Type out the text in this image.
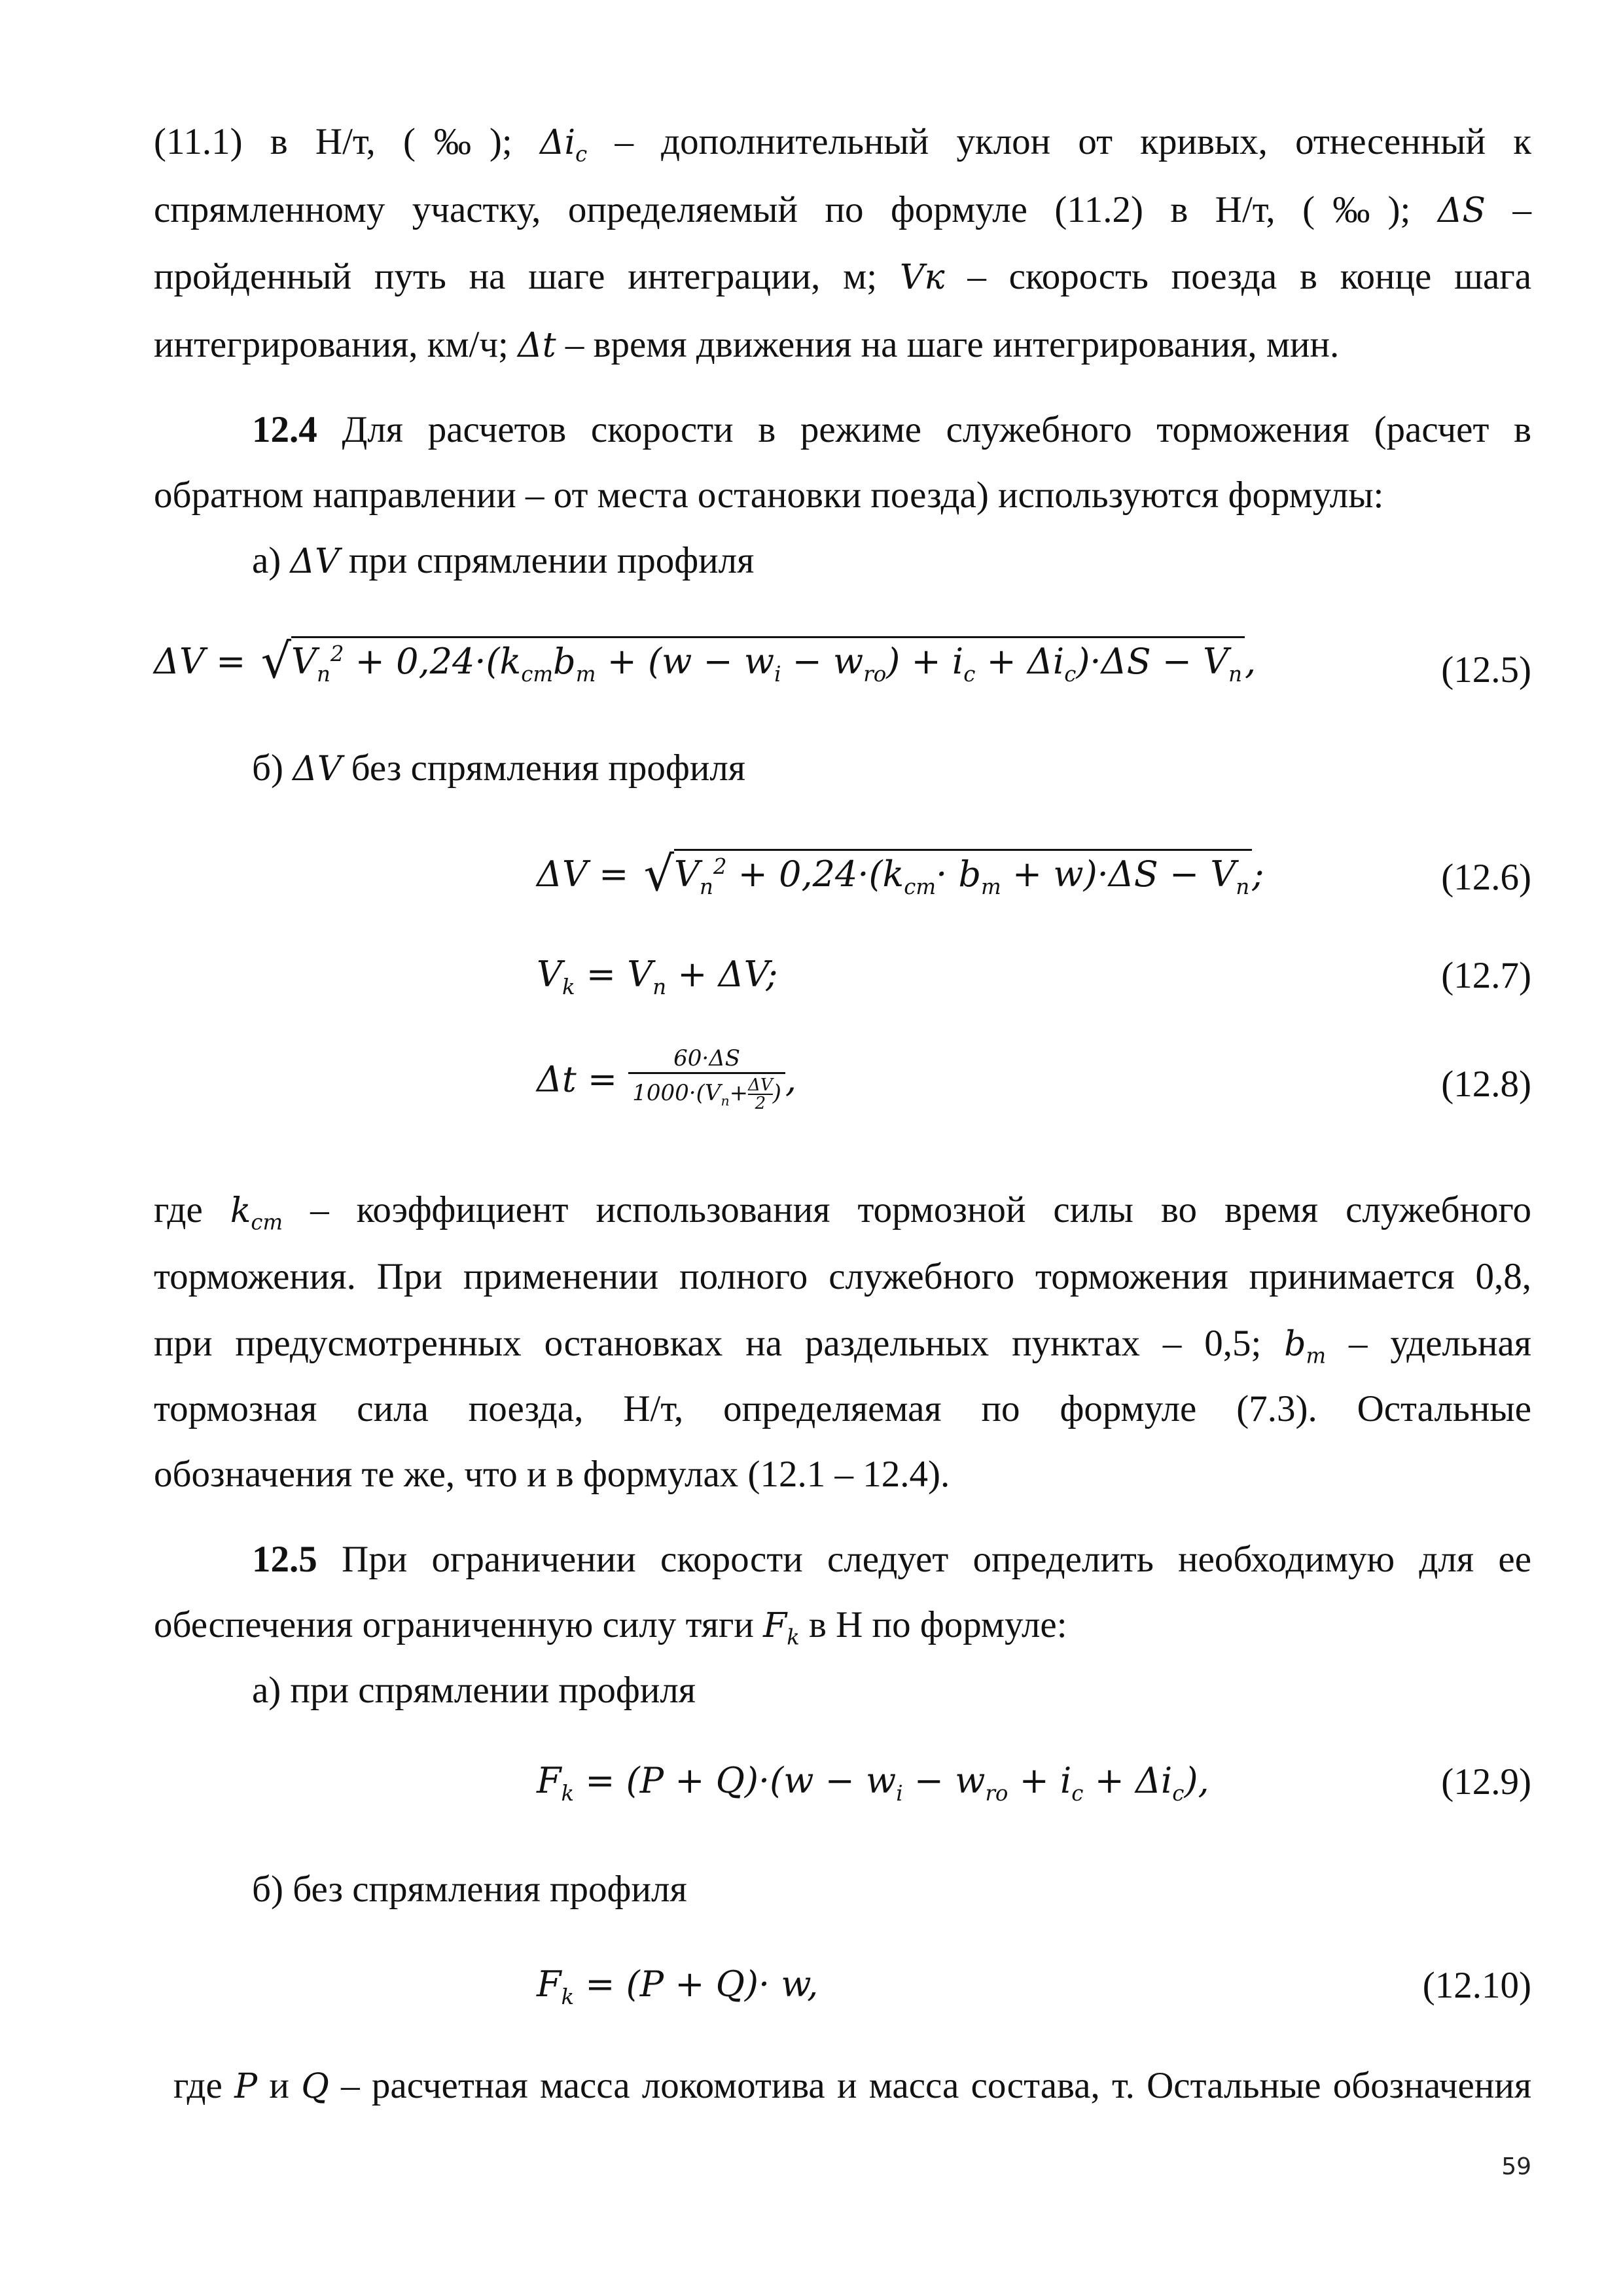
(11.1) в Н/т, (‰); $\Delta i_c$ – дополнительный уклон от кривых, отнесенный к
спрямленному участку, определяемый по формуле (11.2) в Н/т, (‰); ΔS –
пройденный путь на шаге интеграции, м; Vк – скорость поезда в конце шага
интегрирования, км/ч; Δt – время движения на шаге интегрирования, мин.
12.4 Для расчетов скорости в режиме служебного торможения (расчет в
обратном направлении – от места остановки поезда) используются формулы:
а) ΔV при спрямлении профиля
$\Delta V = √V_n^2 + 0,24\cdot(k_{cm}b_m + (w - w_i - w_{ro}) + i_c + \Delta i_c)\cdot\Delta S - V_n$,	(12.5)
б) ΔV без спрямления профиля
$\Delta V = √V_n^2 + 0,24\cdot(k_{cm}\cdot b_m + w)\cdot\Delta S - V_n$;	(12.6)
$V_k = V_n + \Delta V$;	(12.7)
$\Delta t = \frac{60\cdot\Delta S}{1000\cdot(V_n+ \frac{\Delta V}{2} )}$ ,	(12.8)
где $k_{cm}$ – коэффициент использования тормозной силы во время служебного
торможения. При применении полного служебного торможения принимается 0,8,
при предусмотренных остановках на раздельных пунктах – 0,5; $b_m$ – удельная
тормозная сила поезда, Н/т, определяемая по формуле (7.3). Остальные
обозначения те же, что и в формулах (12.1 – 12.4).
12.5 При ограничении скорости следует определить необходимую для ее
обеспечения ограниченную силу тяги $F_k$ в Н по формуле:
а) при спрямлении профиля
$F_k = (P + Q)\cdot(w - w_i - w_{ro} + i_c + \Delta i_c)$,	(12.9)
б) без спрямления профиля
$F_k = (P + Q)\cdot w$,	(12.10)
где P и Q – расчетная масса локомотива и масса состава, т. Остальные обозначения
59
